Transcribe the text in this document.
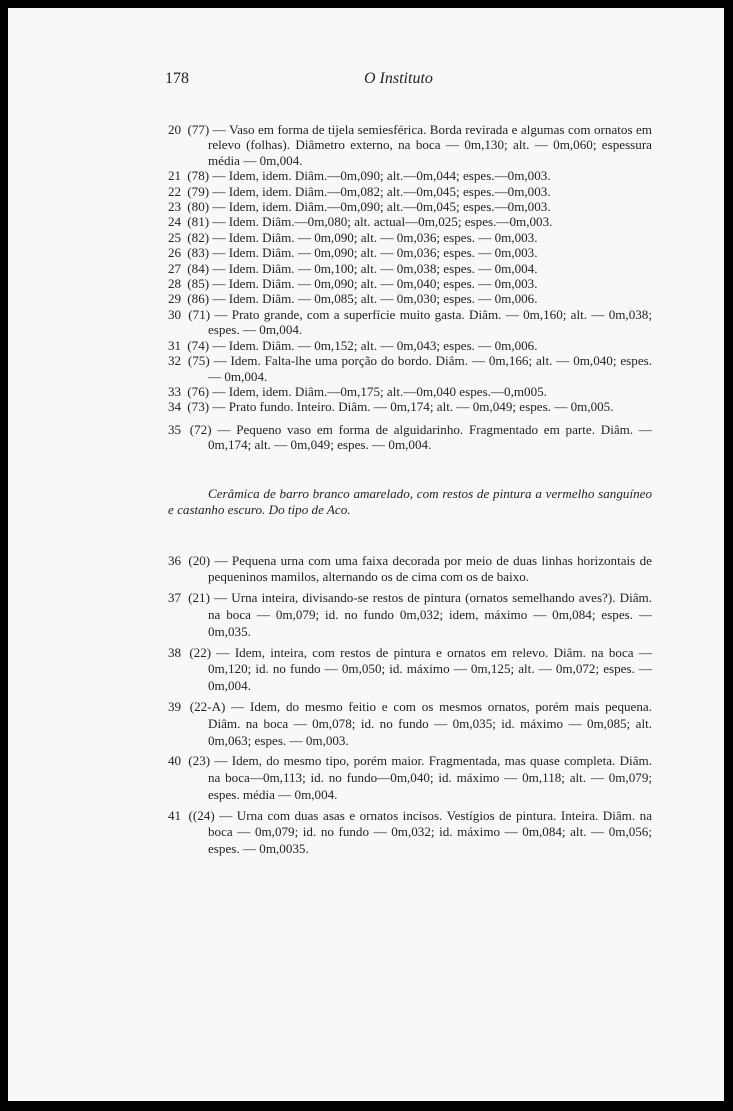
178	O Instituto

20 (77) — Vaso em forma de tijela semiesférica. Borda revirada e algumas com ornatos em relevo (folhas). Diâmetro externo, na boca — 0m,130; alt. — 0m,060; espessura média — 0m,004.

21 (78) — Idem, idem. Diâm.—0m,090; alt.—0m,044; espes.—0m,003.

22 (79) — Idem, idem. Diâm.—0m,082; alt.—0m,045; espes.—0m,003.

23 (80) — Idem, idem. Diâm.—0m,090; alt.—0m,045; espes.—0m,003.

24 (81) — Idem. Diâm.—0m,080; alt. actual—0m,025; espes.—0m,003.

25 (82) — Idem. Diâm. — 0m,090; alt. — 0m,036; espes. — 0m,003.

26 (83) — Idem. Diâm. — 0m,090; alt. — 0m,036; espes. — 0m,003.

27 (84) — Idem. Diâm. — 0m,100; alt. — 0m,038; espes. — 0m,004.

28 (85) — Idem. Diâm. — 0m,090; alt. — 0m,040; espes. — 0m,003.

29 (86) — Idem. Diâm. — 0m,085; alt. — 0m,030; espes. — 0m,006.

30 (71) — Prato grande, com a superfície muito gasta. Diâm. — 0m,160; alt. — 0m,038; espes. — 0m,004.

31 (74) — Idem. Diâm. — 0m,152; alt. — 0m,043; espes. — 0m,006.

32 (75) — Idem. Falta-lhe uma porção do bordo. Diâm. — 0m,166; alt. — 0m,040; espes. — 0m,004.

33 (76) — Idem, idem. Diâm.—0m,175; alt.—0m,040 espes.—0,m005.

34 (73) — Prato fundo. Inteiro. Diâm. — 0m,174; alt. — 0m,049; espes. — 0m,005.

35 (72) — Pequeno vaso em forma de alguidarinho. Fragmentado em parte. Diâm. — 0m,174; alt. — 0m,049; espes. — 0m,004.

Cerâmica de barro branco amarelado, com restos de pintura a vermelho sanguíneo e castanho escuro. Do tipo de Aco.

36 (20) — Pequena urna com uma faixa decorada por meio de duas linhas horizontais de pequeninos mamilos, alternando os de cima com os de baixo.

37 (21) — Urna inteira, divisando-se restos de pintura (ornatos semelhando aves?). Diâm. na boca — 0m,079; id. no fundo 0m,032; idem, máximo — 0m,084; espes. — 0m,035.

38 (22) — Idem, inteira, com restos de pintura e ornatos em relevo. Diâm. na boca — 0m,120; id. no fundo — 0m,050; id. máximo — 0m,125; alt. — 0m,072; espes. — 0m,004.

39 (22-A) — Idem, do mesmo feitio e com os mesmos ornatos, porém mais pequena. Diâm. na boca — 0m,078; id. no fundo — 0m,035; id. máximo — 0m,085; alt. 0m,063; espes. — 0m,003.

40 (23) — Idem, do mesmo tipo, porém maior. Fragmentada, mas quase completa. Diâm. na boca—0m,113; id. no fundo—0m,040; id. máximo — 0m,118; alt. — 0m,079; espes. média — 0m,004.

41 ((24) — Urna com duas asas e ornatos incisos. Vestígios de pintura. Inteira. Diâm. na boca — 0m,079; id. no fundo — 0m,032; id. máximo — 0m,084; alt. — 0m,056; espes. — 0m,0035.
